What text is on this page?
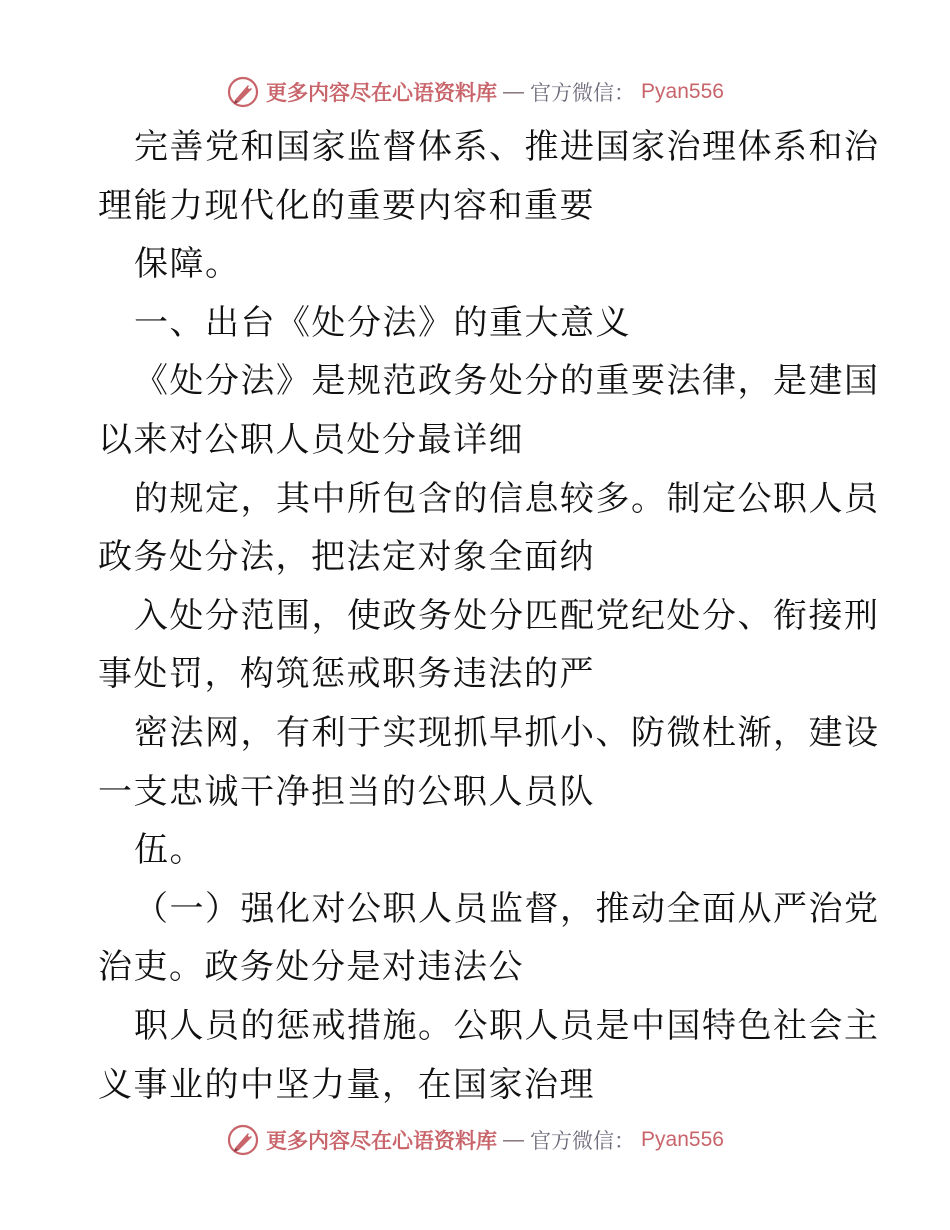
更多内容尽在心语资料库 — 官方微信： Pyan556
完善党和国家监督体系、推进国家治理体系和治
理能力现代化的重要内容和重要
保障。
一、出台《处分法》的重大意义
《处分法》是规范政务处分的重要法律，是建国
以来对公职人员处分最详细
的规定，其中所包含的信息较多。制定公职人员
政务处分法，把法定对象全面纳
入处分范围，使政务处分匹配党纪处分、衔接刑
事处罚，构筑惩戒职务违法的严
密法网，有利于实现抓早抓小、防微杜渐，建设
一支忠诚干净担当的公职人员队
伍。
（一）强化对公职人员监督，推动全面从严治党
治吏。政务处分是对违法公
职人员的惩戒措施。公职人员是中国特色社会主
义事业的中坚力量，在国家治理
更多内容尽在心语资料库 — 官方微信： Pyan556
